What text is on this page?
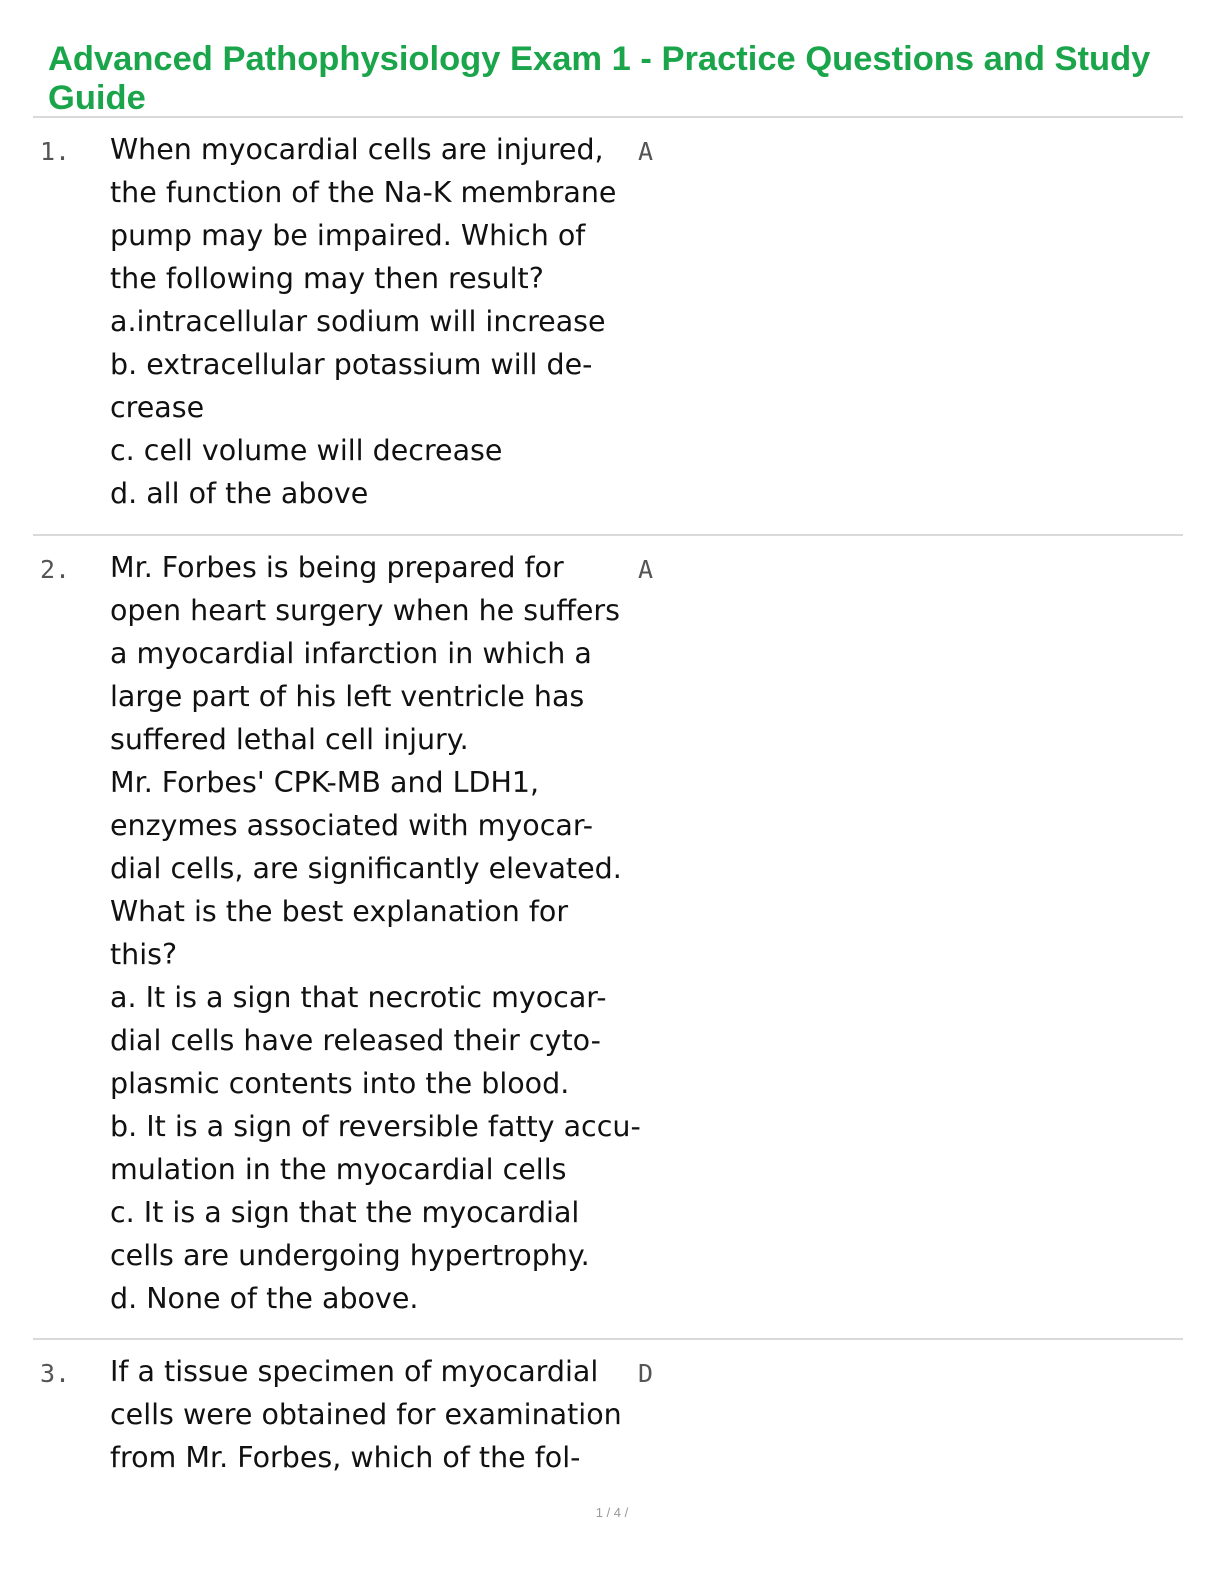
Advanced Pathophysiology Exam 1 - Practice Questions and Study Guide
1. When myocardial cells are injured,
the function of the Na-K membrane
pump may be impaired. Which of
the following may then result?
a.intracellular sodium will increase
b. extracellular potassium will de-
crease
c. cell volume will decrease
d. all of the above
A
2. Mr. Forbes is being prepared for
open heart surgery when he suffers
a myocardial infarction in which a
large part of his left ventricle has
suffered lethal cell injury.
Mr. Forbes' CPK-MB and LDH1,
enzymes associated with myocar-
dial cells, are significantly elevated.
What is the best explanation for
this?
a. It is a sign that necrotic myocar-
dial cells have released their cyto-
plasmic contents into the blood.
b. It is a sign of reversible fatty accu-
mulation in the myocardial cells
c. It is a sign that the myocardial
cells are undergoing hypertrophy.
d. None of the above.
A
3. If a tissue specimen of myocardial
cells were obtained for examination
from Mr. Forbes, which of the fol-
D
1 / 4 /
